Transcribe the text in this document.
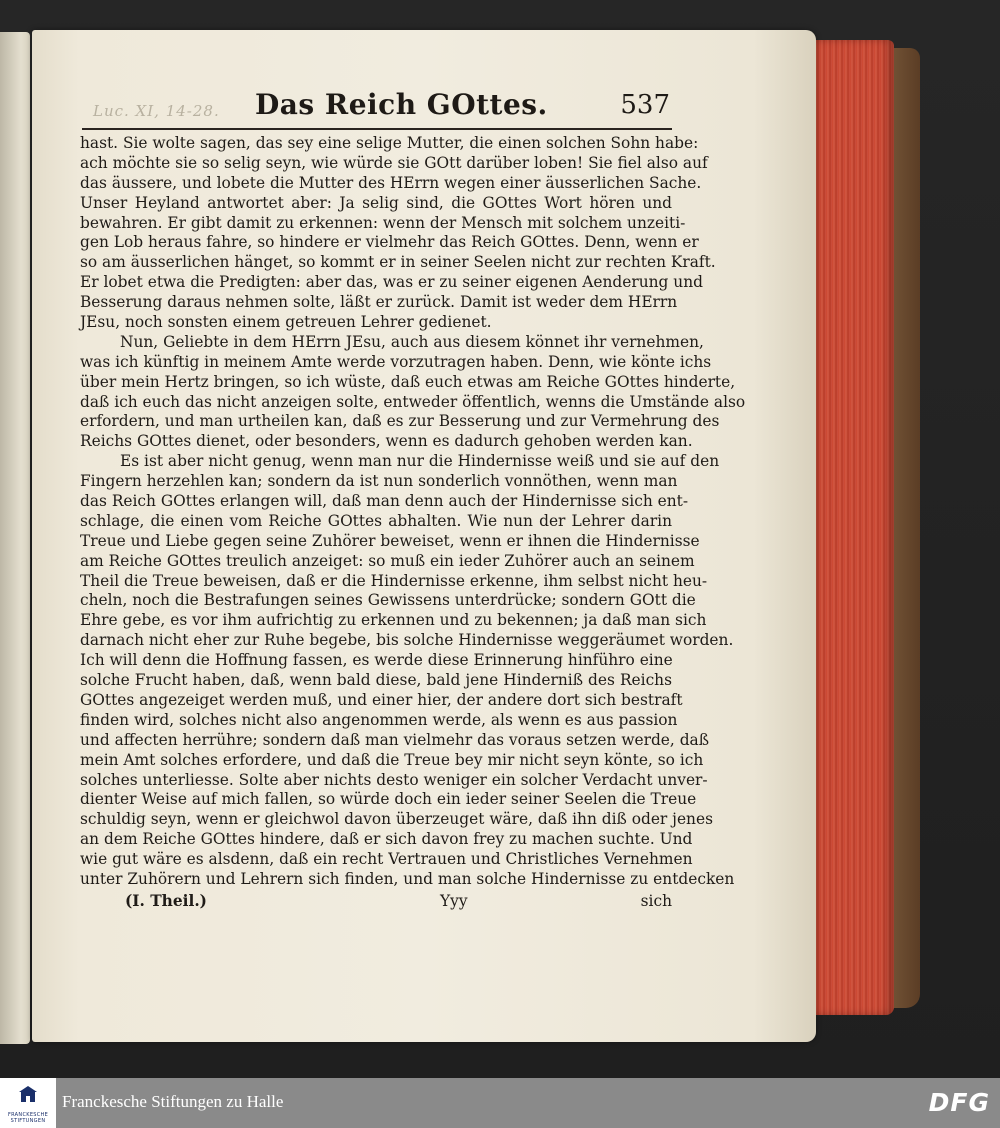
Luc. XI, 14-28. Das Reich GOttes.	537
hast. Sie wolte sagen, das sey eine selige Mutter, die einen solchen Sohn habe:
ach möchte sie so selig seyn, wie würde sie GOtt darüber loben! Sie fiel also auf
das äussere, und lobete die Mutter des HErrn wegen einer äusserlichen Sache.
Unser Heyland antwortet aber: Ja selig sind, die GOttes Wort hören und
bewahren. Er gibt damit zu erkennen: wenn der Mensch mit solchem unzeiti-
gen Lob heraus fahre, so hindere er vielmehr das Reich GOttes. Denn, wenn er
so am äusserlichen hänget, so kommt er in seiner Seelen nicht zur rechten Kraft.
Er lobet etwa die Predigten: aber das, was er zu seiner eigenen Aenderung und
Besserung daraus nehmen solte, läßt er zurück. Damit ist weder dem HErrn
JEsu, noch sonsten einem getreuen Lehrer gedienet.
Nun, Geliebte in dem HErrn JEsu, auch aus diesem könnet ihr vernehmen,
was ich künftig in meinem Amte werde vorzutragen haben. Denn, wie könte ichs
über mein Hertz bringen, so ich wüste, daß euch etwas am Reiche GOttes hinderte,
daß ich euch das nicht anzeigen solte, entweder öffentlich, wenns die Umstände also
erfordern, und man urtheilen kan, daß es zur Besserung und zur Vermehrung des
Reichs GOttes dienet, oder besonders, wenn es dadurch gehoben werden kan.
Es ist aber nicht genug, wenn man nur die Hindernisse weiß und sie auf den
Fingern herzehlen kan; sondern da ist nun sonderlich vonnöthen, wenn man
das Reich GOttes erlangen will, daß man denn auch der Hindernisse sich ent-
schlage, die einen vom Reiche GOttes abhalten. Wie nun der Lehrer darin
Treue und Liebe gegen seine Zuhörer beweiset, wenn er ihnen die Hindernisse
am Reiche GOttes treulich anzeiget: so muß ein ieder Zuhörer auch an seinem
Theil die Treue beweisen, daß er die Hindernisse erkenne, ihm selbst nicht heu-
cheln, noch die Bestrafungen seines Gewissens unterdrücke; sondern GOtt die
Ehre gebe, es vor ihm aufrichtig zu erkennen und zu bekennen; ja daß man sich
darnach nicht eher zur Ruhe begebe, bis solche Hindernisse weggeräumet worden.
Ich will denn die Hoffnung fassen, es werde diese Erinnerung hinführo eine
solche Frucht haben, daß, wenn bald diese, bald jene Hinderniß des Reichs
GOttes angezeiget werden muß, und einer hier, der andere dort sich bestraft
finden wird, solches nicht also angenommen werde, als wenn es aus passion
und affecten herrühre; sondern daß man vielmehr das voraus setzen werde, daß
mein Amt solches erfordere, und daß die Treue bey mir nicht seyn könte, so ich
solches unterliesse. Solte aber nichts desto weniger ein solcher Verdacht unver-
dienter Weise auf mich fallen, so würde doch ein ieder seiner Seelen die Treue
schuldig seyn, wenn er gleichwol davon überzeuget wäre, daß ihn diß oder jenes
an dem Reiche GOttes hindere, daß er sich davon frey zu machen suchte. Und
wie gut wäre es alsdenn, daß ein recht Vertrauen und Christliches Vernehmen
unter Zuhörern und Lehrern sich finden, und man solche Hindernisse zu entdecken
(I. Theil.)	Yyy	sich
FRANCKESCHE STIFTUNGEN
Franckesche Stiftungen zu Halle	DFG
